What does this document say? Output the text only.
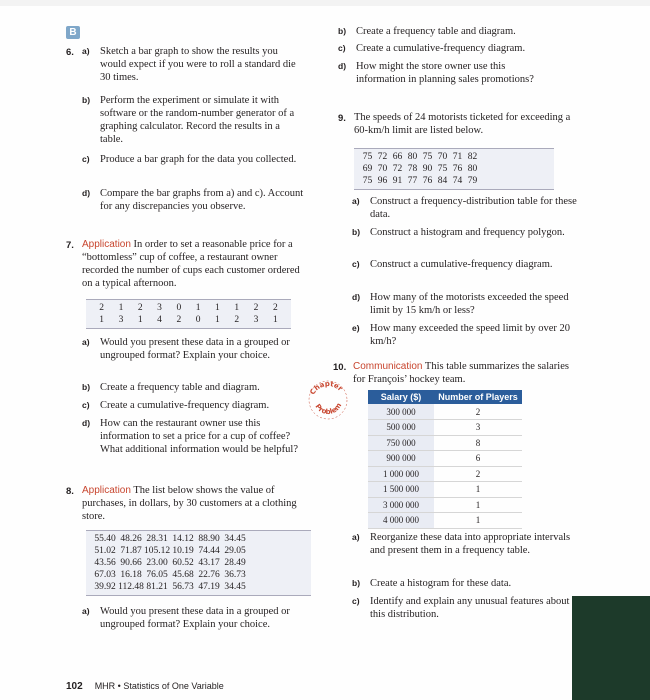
B
6. a) Sketch a bar graph to show the results you would expect if you were to roll a standard die 30 times.
b) Perform the experiment or simulate it with software or the random-number generator of a graphing calculator. Record the results in a table.
c) Produce a bar graph for the data you collected.
d) Compare the bar graphs from a) and c). Account for any discrepancies you observe.
7. Application In order to set a reasonable price for a “bottomless” cup of coffee, a restaurant owner recorded the number of cups each customer ordered on a typical afternoon.
2	1	2	3	0	1	1	1	2	2
1	3	1	4	2	0	1	2	3	1
a) Would you present these data in a grouped or ungrouped format? Explain your choice.
b) Create a frequency table and diagram.
c) Create a cumulative-frequency diagram.
d) How can the restaurant owner use this information to set a price for a cup of coffee? What additional information would be helpful?
8. Application The list below shows the value of purchases, in dollars, by 30 customers at a clothing store.
55.40 48.26 28.31 14.12 88.90 34.45
51.02 71.87 105.12 10.19 74.44 29.05
43.56 90.66 23.00 60.52 43.17 28.49
67.03 16.18 76.05 45.68 22.76 36.73
39.92 112.48 81.21 56.73 47.19 34.45
a) Would you present these data in a grouped or ungrouped format? Explain your choice.
b) Create a frequency table and diagram.
c) Create a cumulative-frequency diagram.
d) How might the store owner use this information in planning sales promotions?
9. The speeds of 24 motorists ticketed for exceeding a 60-km/h limit are listed below.
75 72 66 80 75 70 71 82
69 70 72 78 90 75 76 80
75 96 91 77 76 84 74 79
a) Construct a frequency-distribution table for these data.
b) Construct a histogram and frequency polygon.
c) Construct a cumulative-frequency diagram.
d) How many of the motorists exceeded the speed limit by 15 km/h or less?
e) How many exceeded the speed limit by over 20 km/h?
10. Communication This table summarizes the salaries for François’ hockey team.
Chapter
Problem
Salary ($)	Number of Players
300 000	2
500 000	3
750 000	8
900 000	6
1 000 000	2
1 500 000	1
3 000 000	1
4 000 000	1
a) Reorganize these data into appropriate intervals and present them in a frequency table.
b) Create a histogram for these data.
c) Identify and explain any unusual features about this distribution.
102 MHR • Statistics of One Variable
